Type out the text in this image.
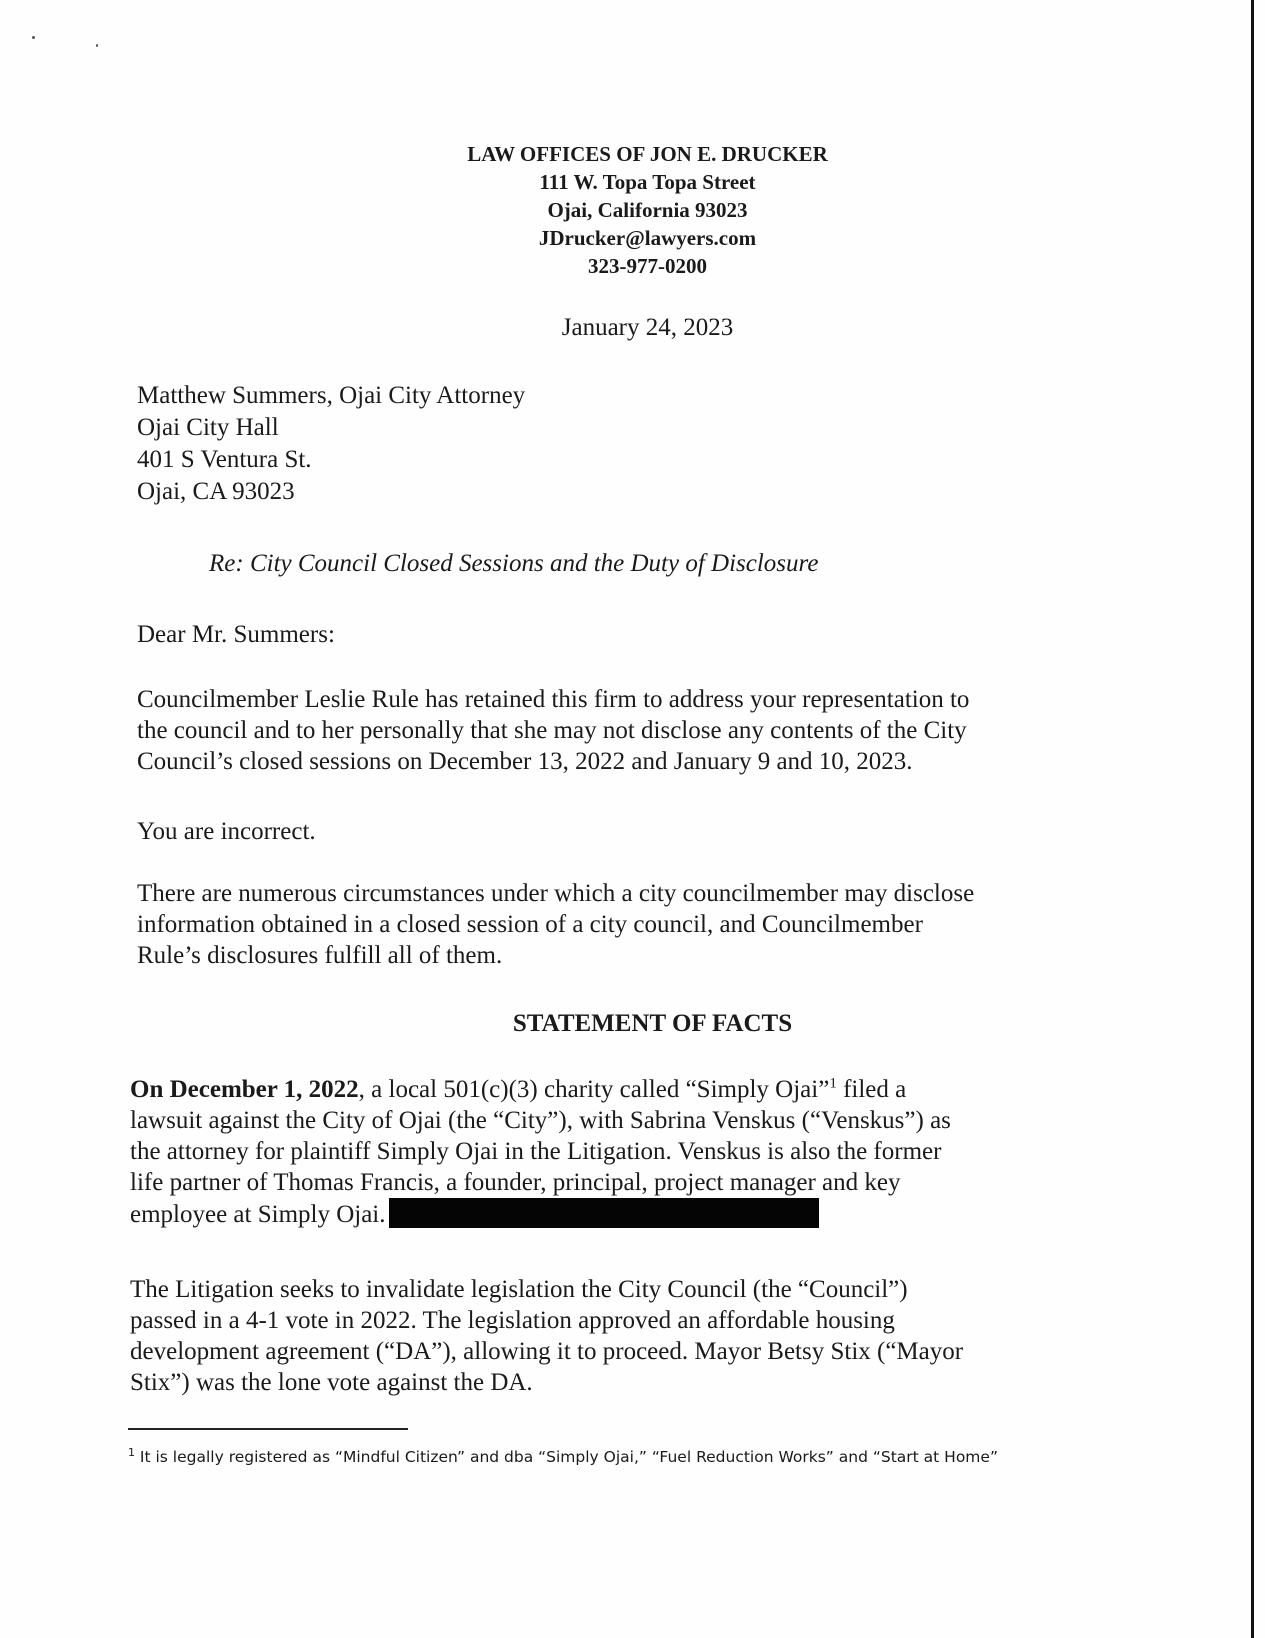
LAW OFFICES OF JON E. DRUCKER
111 W. Topa Topa Street
Ojai, California 93023
JDrucker@lawyers.com
323-977-0200
January 24, 2023
Matthew Summers, Ojai City Attorney
Ojai City Hall
401 S Ventura St.
Ojai, CA 93023
Re: City Council Closed Sessions and the Duty of Disclosure
Dear Mr. Summers:
Councilmember Leslie Rule has retained this firm to address your representation to
the council and to her personally that she may not disclose any contents of the City
Council’s closed sessions on December 13, 2022 and January 9 and 10, 2023.
You are incorrect.
There are numerous circumstances under which a city councilmember may disclose
information obtained in a closed session of a city council, and Councilmember
Rule’s disclosures fulfill all of them.
STATEMENT OF FACTS
On December 1, 2022, a local 501(c)(3) charity called “Simply Ojai”$^1$ filed a
lawsuit against the City of Ojai (the “City”), with Sabrina Venskus (“Venskus”) as
the attorney for plaintiff Simply Ojai in the Litigation. Venskus is also the former
life partner of Thomas Francis, a founder, principal, project manager and key
employee at Simply Ojai.
The Litigation seeks to invalidate legislation the City Council (the “Council”)
passed in a 4-1 vote in 2022. The legislation approved an affordable housing
development agreement (“DA”), allowing it to proceed. Mayor Betsy Stix (“Mayor
Stix”) was the lone vote against the DA.
$^1$ It is legally registered as “Mindful Citizen” and dba “Simply Ojai,” “Fuel Reduction Works” and “Start at Home”
